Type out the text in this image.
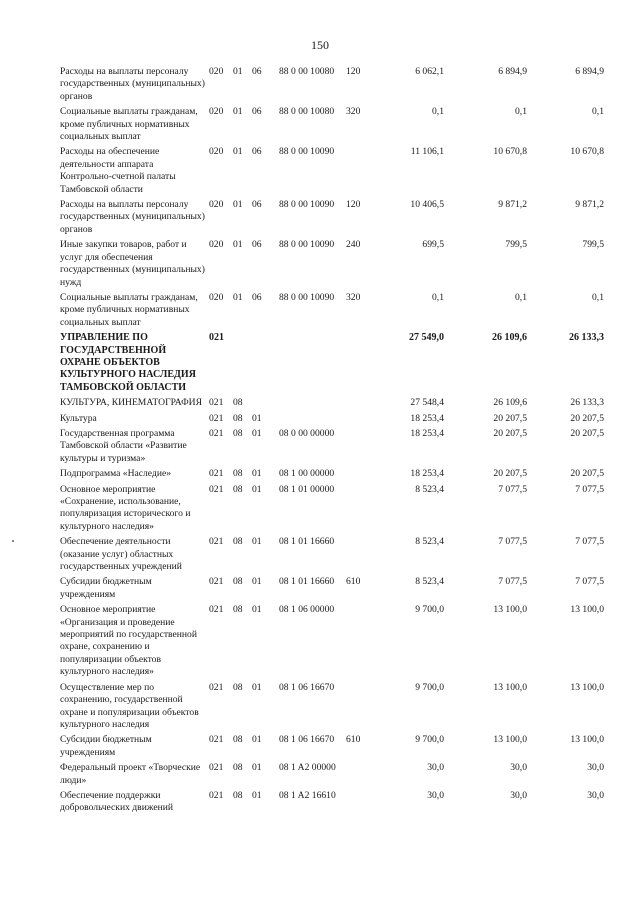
150
Расходы на выплаты персоналу государственных (муниципальных) органов
020 01 06 88 0 00 10080 120	6 062,1	6 894,9	6 894,9
Социальные выплаты гражданам, кроме публичных нормативных социальных выплат
020 01 06 88 0 00 10080 320	0,1	0,1	0,1
Расходы на обеспечение деятельности аппарата Контрольно-счетной палаты Тамбовской области
020 01 06 88 0 00 10090	11 106,1	10 670,8	10 670,8
Расходы на выплаты персоналу государственных (муниципальных) органов
020 01 06 88 0 00 10090 120	10 406,5	9 871,2	9 871,2
Иные закупки товаров, работ и услуг для обеспечения государственных (муниципальных) нужд
020 01 06 88 0 00 10090 240	699,5	799,5	799,5
Социальные выплаты гражданам, кроме публичных нормативных социальных выплат
020 01 06 88 0 00 10090 320	0,1	0,1	0,1
УПРАВЛЕНИЕ ПО ГОСУДАРСТВЕННОЙ ОХРАНЕ ОБЪЕКТОВ КУЛЬТУРНОГО НАСЛЕДИЯ ТАМБОВСКОЙ ОБЛАСТИ
021	27 549,0	26 109,6	26 133,3
КУЛЬТУРА, КИНЕМАТОГРАФИЯ 021 08	27 548,4	26 109,6	26 133,3
Культура	021 08 01	18 253,4	20 207,5	20 207,5
Государственная программа Тамбовской области «Развитие культуры и туризма»
021 08 01 08 0 00 00000	18 253,4	20 207,5	20 207,5
Подпрограмма «Наследие»	021 08 01 08 1 00 00000	18 253,4	20 207,5	20 207,5
Основное мероприятие «Сохранение, использование, популяризация исторического и культурного наследия»
021 08 01 08 1 01 00000	8 523,4	7 077,5	7 077,5
Обеспечение деятельности (оказание услуг) областных государственных учреждений
021 08 01 08 1 01 16660	8 523,4	7 077,5	7 077,5
Субсидии бюджетным учреждениям
021 08 01 08 1 01 16660 610	8 523,4	7 077,5	7 077,5
Основное мероприятие «Организация и проведение мероприятий по государственной охране, сохранению и популяризации объектов культурного наследия»
021 08 01 08 1 06 00000	9 700,0	13 100,0	13 100,0
Осуществление мер по сохранению, государственной охране и популяризации объектов культурного наследия
021 08 01 08 1 06 16670	9 700,0	13 100,0	13 100,0
Субсидии бюджетным учреждениям
021 08 01 08 1 06 16670 610	9 700,0	13 100,0	13 100,0
Федеральный проект «Творческие люди»
021 08 01 08 1 A2 00000	30,0	30,0	30,0
Обеспечение поддержки добровольческих движений
021 08 01 08 1 A2 16610	30,0	30,0	30,0
